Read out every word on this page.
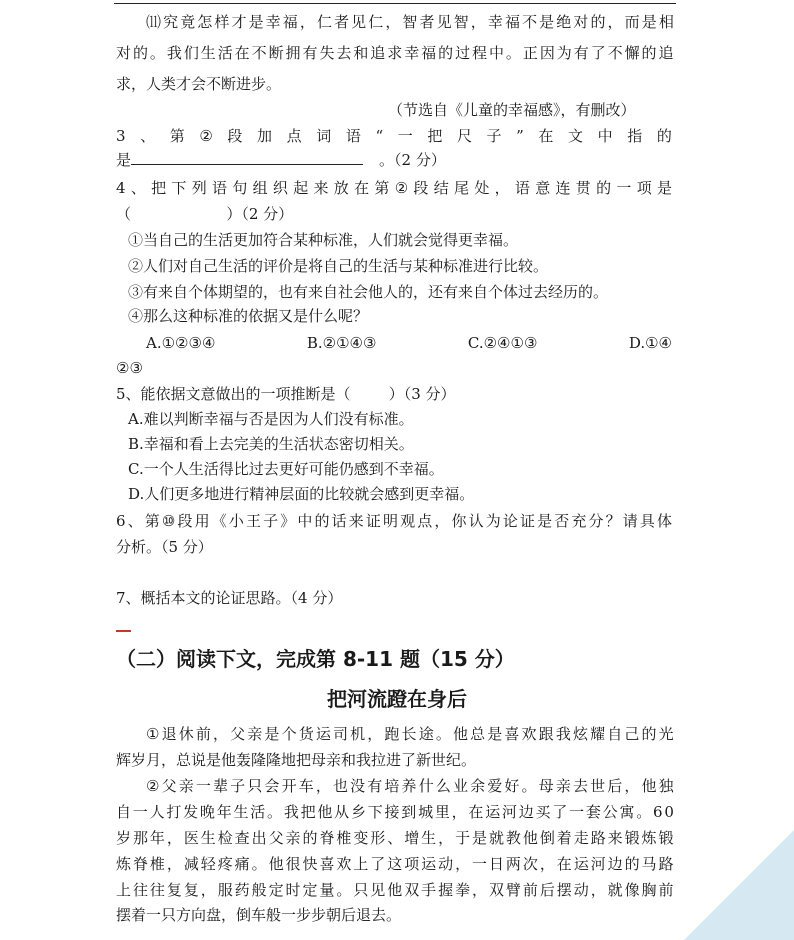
⑾ 究 竟 怎 样 才 是 幸 福 ， 仁 者 见 仁 ， 智 者 见 智 ， 幸 福 不 是 绝 对 的 ， 而 是 相
对 的 。 我 们 生 活 在 不 断 拥 有 失 去 和 追 求 幸 福 的 过 程 中 。 正 因 为 有 了 不 懈 的 追
求，人类才会不断进步。
（节选自《儿童的幸福感》，有删改）
3 、 第 ② 段 加 点 词 语 “ 一 把 尺 子 ” 在 文 中 指 的
是	。（2 分）
4 、 把 下 列 语 句 组 织 起 来 放 在 第 ② 段 结 尾 处 ， 语 意 连 贯 的 一 项 是
（                    ）（2 分）
①当自己的生活更加符合某种标准，人们就会觉得更幸福。
②人们对自己生活的评价是将自己的生活与某种标准进行比较。
③有来自个体期望的，也有来自社会他人的，还有来自个体过去经历的。
④那么这种标准的依据又是什么呢？
A.①②③④	B.②①④③	C.②④①③	D.①④
②③
5、能依据文意做出的一项推断是（        ）（3 分）
A.难以判断幸福与否是因为人们没有标准。
B.幸福和看上去完美的生活状态密切相关。
C.一个人生活得比过去更好可能仍感到不幸福。
D.人们更多地进行精神层面的比较就会感到更幸福。
6 、 第 ⑩ 段 用 《 小 王 子 》 中 的 话 来 证 明 观 点 ， 你 认 为 论 证 是 否 充 分 ？ 请 具 体
分析。（5 分）
7、概括本文的论证思路。（4 分）
（二）阅读下文，完成第 8-11 题（15 分）
把河流蹬在身后
① 退 休 前 ， 父 亲 是 个 货 运 司 机 ， 跑 长 途 。 他 总 是 喜 欢 跟 我 炫 耀 自 己 的 光
辉岁月，总说是他轰隆隆地把母亲和我拉进了新世纪。
② 父 亲 一 辈 子 只 会 开 车 ， 也 没 有 培 养 什 么 业 余 爱 好 。 母 亲 去 世 后 ， 他 独
自 一 人 打 发 晚 年 生 活 。 我 把 他 从 乡 下 接 到 城 里 ， 在 运 河 边 买 了 一 套 公 寓 。 6 0
岁 那 年 ， 医 生 检 查 出 父 亲 的 脊 椎 变 形 、 增 生 ， 于 是 就 教 他 倒 着 走 路 来 锻 炼 锻
炼 脊 椎 ， 减 轻 疼 痛 。 他 很 快 喜 欢 上 了 这 项 运 动 ， 一 日 两 次 ， 在 运 河 边 的 马 路
上 往 往 复 复 ， 服 药 般 定 时 定 量 。 只 见 他 双 手 握 拳 ， 双 臂 前 后 摆 动 ， 就 像 胸 前
摆着一只方向盘，倒车般一步步朝后退去。
